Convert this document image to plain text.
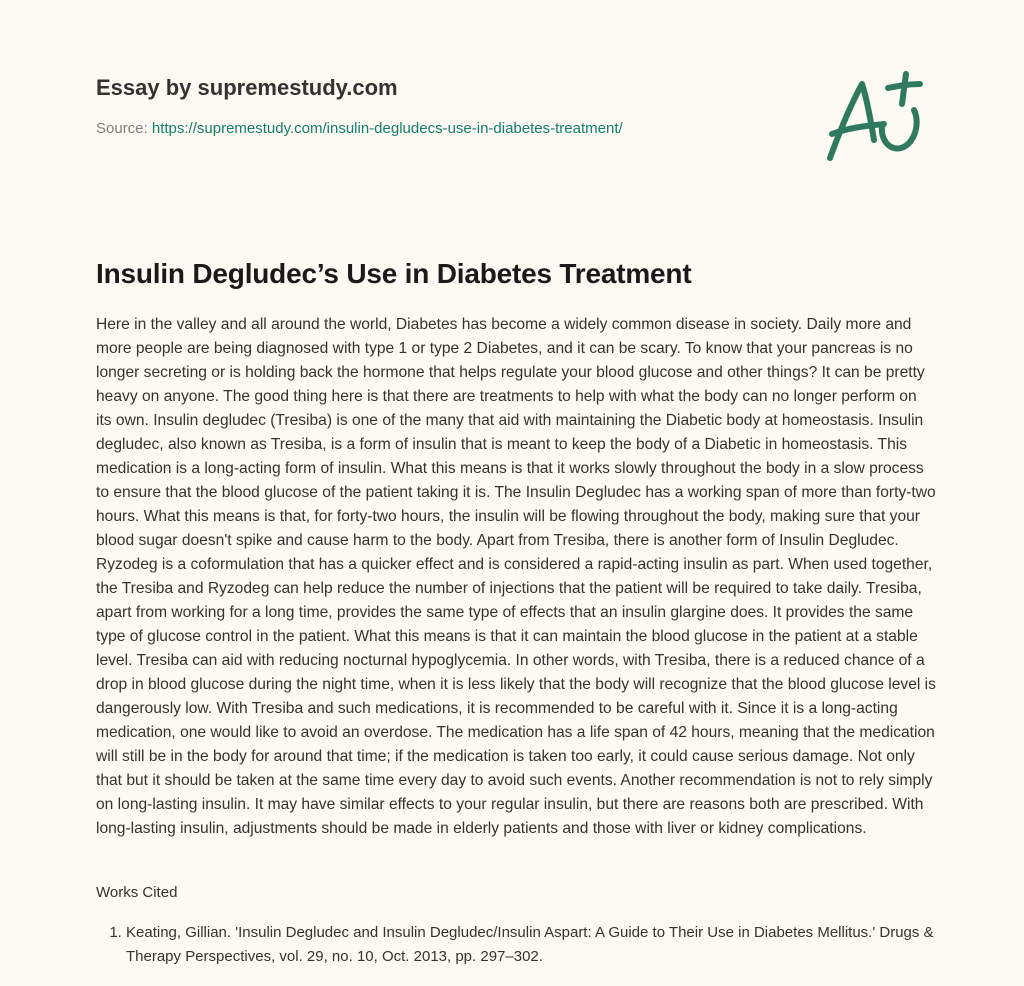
Essay by supremestudy.com
Source: https://supremestudy.com/insulin-degludecs-use-in-diabetes-treatment/
Insulin Degludec’s Use in Diabetes Treatment

Here in the valley and all around the world, Diabetes has become a widely common disease in society. Daily more and more people are being diagnosed with type 1 or type 2 Diabetes, and it can be scary. To know that your pancreas is no longer secreting or is holding back the hormone that helps regulate your blood glucose and other things? It can be pretty heavy on anyone. The good thing here is that there are treatments to help with what the body can no longer perform on its own. Insulin degludec (Tresiba) is one of the many that aid with maintaining the Diabetic body at homeostasis. Insulin degludec, also known as Tresiba, is a form of insulin that is meant to keep the body of a Diabetic in homeostasis. This medication is a long-acting form of insulin. What this means is that it works slowly throughout the body in a slow process to ensure that the blood glucose of the patient taking it is. The Insulin Degludec has a working span of more than forty-two hours. What this means is that, for forty-two hours, the insulin will be flowing throughout the body, making sure that your blood sugar doesn't spike and cause harm to the body. Apart from Tresiba, there is another form of Insulin Degludec. Ryzodeg is a coformulation that has a quicker effect and is considered a rapid-acting insulin as part. When used together, the Tresiba and Ryzodeg can help reduce the number of injections that the patient will be required to take daily. Tresiba, apart from working for a long time, provides the same type of effects that an insulin glargine does. It provides the same type of glucose control in the patient. What this means is that it can maintain the blood glucose in the patient at a stable level. Tresiba can aid with reducing nocturnal hypoglycemia. In other words, with Tresiba, there is a reduced chance of a drop in blood glucose during the night time, when it is less likely that the body will recognize that the blood glucose level is dangerously low. With Tresiba and such medications, it is recommended to be careful with it. Since it is a long-acting medication, one would like to avoid an overdose. The medication has a life span of 42 hours, meaning that the medication will still be in the body for around that time; if the medication is taken too early, it could cause serious damage. Not only that but it should be taken at the same time every day to avoid such events. Another recommendation is not to rely simply on long-lasting insulin. It may have similar effects to your regular insulin, but there are reasons both are prescribed. With long-lasting insulin, adjustments should be made in elderly patients and those with liver or kidney complications.

Works Cited
1. Keating, Gillian. 'Insulin Degludec and Insulin Degludec/Insulin Aspart: A Guide to Their Use in Diabetes Mellitus.' Drugs & Therapy Perspectives, vol. 29, no. 10, Oct. 2013, pp. 297–302.
